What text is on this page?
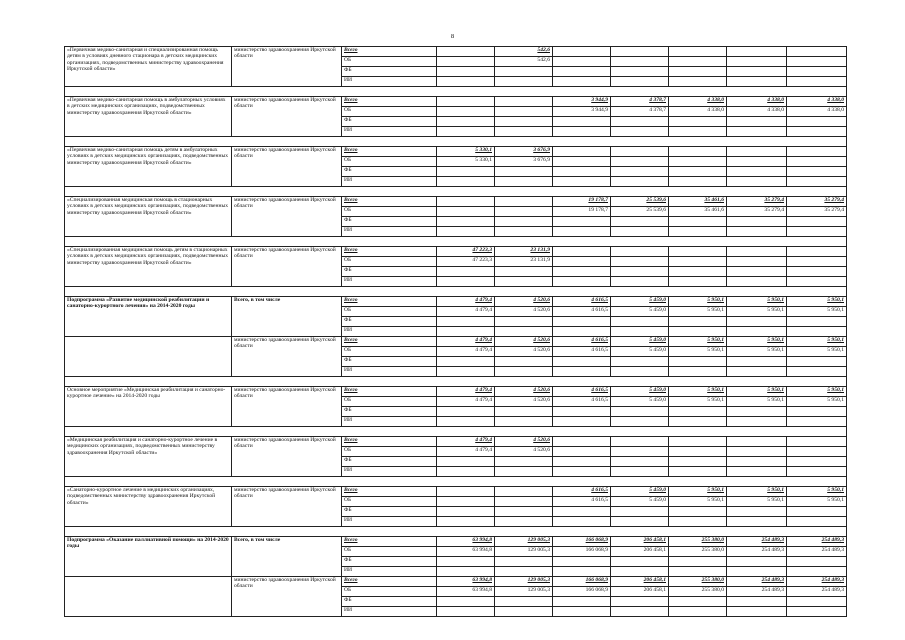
8
«Первичная медико-санитарная и специализированная помощь детям в условиях дневного стационара в детских медицинских организациях, подведомственных министерству здравоохранения Иркутской области»	министерство здравоохранения Иркутской области	Всего		542,6					
		ОБ		542,6					
		ФБ							
		ИИ							

«Первичная медико-санитарная помощь в амбулаторных условиях в детских медицинских организациях, подведомственных министерству здравоохранения Иркутской области»	министерство здравоохранения Иркутской области	Всего			3 944,9	4 378,7	4 338,0	4 338,0	4 338,0
		ОБ			3 944,9	4 378,7	4 338,0	4 338,0	4 338,0
		ФБ							
		ИИ							

«Первичная медико-санитарная помощь детям в амбулаторных условиях в детских медицинских организациях, подведомственных министерству здравоохранения Иркутской области»	министерство здравоохранения Иркутской области	Всего	5 330,1	3 676,9					
		ОБ	5 330,1	3 676,9					
		ФБ							
		ИИ							

«Специализированная медицинская помощь в стационарных условиях в детских медицинских организациях, подведомственных министерству здравоохранения Иркутской области»	министерство здравоохранения Иркутской области	Всего			19 178,7	25 539,6	35 461,6	35 279,4	35 279,4
		ОБ			19 178,7	25 539,6	35 461,6	35 279,4	35 279,4
		ФБ							
		ИИ							

«Специализированная медицинская помощь детям в стационарных условиях в детских медицинских организациях, подведомственных министерству здравоохранения Иркутской области»	министерство здравоохранения Иркутской области	Всего	47 223,3	23 131,9					
		ОБ	47 223,3	23 131,9					
		ФБ							
		ИИ							

Подпрограмма «Развитие медицинской реабилитации и санаторно-курортного лечения» на 2014-2020 годы	Всего, в том числе	Всего	4 479,4	4 520,6	4 616,5	5 459,0	5 950,1	5 950,1	5 950,1
		ОБ	4 479,4	4 520,6	4 616,5	5 459,0	5 950,1	5 950,1	5 950,1
		ФБ							
		ИИ							
	министерство здравоохранения Иркутской области	Всего	4 479,4	4 520,6	4 616,5	5 459,0	5 950,1	5 950,1	5 950,1
		ОБ	4 479,4	4 520,6	4 616,5	5 459,0	5 950,1	5 950,1	5 950,1
		ФБ							
		ИИ							

Основное мероприятие «Медицинская реабилитация и санаторно-курортное лечение» на 2014-2020 годы	министерство здравоохранения Иркутской области	Всего	4 479,4	4 520,6	4 616,5	5 459,0	5 950,1	5 950,1	5 950,1
		ОБ	4 479,4	4 520,6	4 616,5	5 459,0	5 950,1	5 950,1	5 950,1
		ФБ							
		ИИ							

«Медицинская реабилитация и санаторно-курортное лечение в медицинских организациях, подведомственных министерству здравоохранения Иркутской области»	министерство здравоохранения Иркутской области	Всего	4 479,4	4 520,6					
		ОБ	4 479,4	4 520,6					
		ФБ							
		ИИ							

«Санаторно-курортное лечение в медицинских организациях, подведомственных министерству здравоохранения Иркутской области»	министерство здравоохранения Иркутской области	Всего			4 616,5	5 459,0	5 950,1	5 950,1	5 950,1
		ОБ			4 616,5	5 459,0	5 950,1	5 950,1	5 950,1
		ФБ							
		ИИ							

Подпрограмма «Оказание паллиативной помощи» на 2014-2020 годы	Всего, в том числе	Всего	63 994,8	129 005,3	166 068,9	206 458,1	255 380,0	254 489,3	254 489,3
		ОБ	63 994,8	129 005,3	166 068,9	206 458,1	255 380,0	254 489,3	254 489,3
		ФБ							
		ИИ							
	министерство здравоохранения Иркутской области	Всего	63 994,8	129 005,3	166 068,9	206 458,1	255 380,0	254 489,3	254 489,3
		ОБ	63 994,8	129 005,3	166 068,9	206 458,1	255 380,0	254 489,3	254 489,3
		ФБ							
		ИИ							
